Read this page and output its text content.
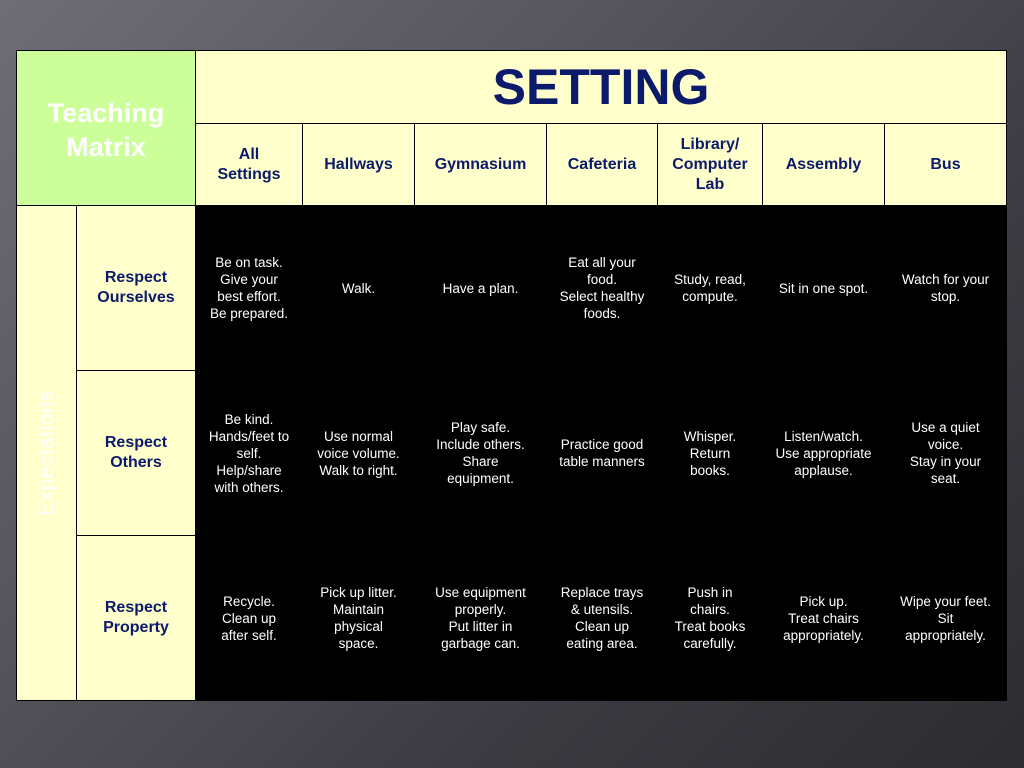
Teaching
Matrix		SETTING						
		All
Settings	Hallways	Gymnasium	Cafeteria	Library/
Computer
Lab	Assembly	Bus

Expectations	Respect
Ourselves	Be on task.
Give your
best effort.
Be prepared.	Walk.	Have a plan.	Eat all your
food.
Select healthy
foods.	Study, read,
compute.	Sit in one spot.	Watch for your
stop.
	Respect
Others	Be kind.
Hands/feet to
self.
Help/share
with others.	Use normal
voice volume.
Walk to right.	Play safe.
Include others.
Share
equipment.	Practice good
table manners	Whisper.
Return
books.	Listen/watch.
Use appropriate
applause.	Use a quiet
voice.
Stay in your
seat.
	Respect
Property	Recycle.
Clean up
after self.	Pick up litter.
Maintain
physical
space.	Use equipment
properly.
Put litter in
garbage can.	Replace trays
& utensils.
Clean up
eating area.	Push in
chairs.
Treat books
carefully.	Pick up.
Treat chairs
appropriately.	Wipe your feet.
Sit
appropriately.
